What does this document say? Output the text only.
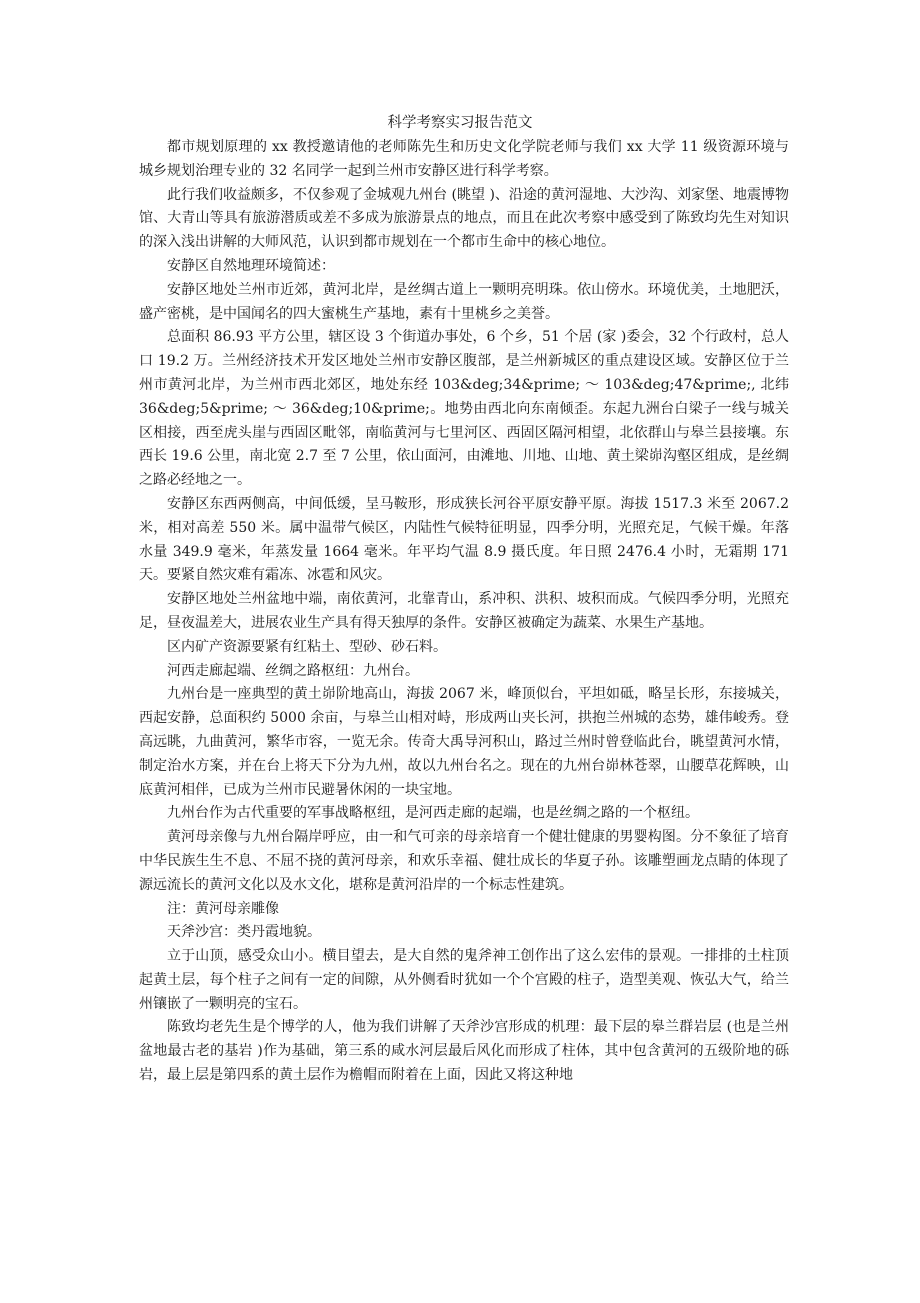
科学考察实习报告范文

都市规划原理的 xx 教授邀请他的老师陈先生和历史文化学院老师与我们 xx 大学 11 级资源环境与城乡规划治理专业的 32 名同学一起到兰州市安静区进行科学考察。

此行我们收益颇多，不仅参观了金城观九州台 (眺望 )、沿途的黄河湿地、大沙沟、刘家堡、地震博物馆、大青山等具有旅游潜质或差不多成为旅游景点的地点，而且在此次考察中感受到了陈致均先生对知识的深入浅出讲解的大师风范，认识到都市规划在一个都市生命中的核心地位。

安静区自然地理环境简述：

安静区地处兰州市近郊，黄河北岸，是丝绸古道上一颗明亮明珠。依山傍水。环境优美，土地肥沃，盛产密桃，是中国闻名的四大蜜桃生产基地，素有十里桃乡之美誉。

总面积 86.93 平方公里，辖区设 3 个街道办事处，6 个乡，51 个居 (家 )委会，32 个行政村，总人口 19.2 万。兰州经济技术开发区地处兰州市安静区腹部，是兰州新城区的重点建设区域。安静区位于兰州市黄河北岸，为兰州市西北郊区，地处东经 103&deg;34&prime; ～ 103&deg;47&prime;, 北纬 36&deg;5&prime; ～ 36&deg;10&prime;。地势由西北向东南倾歪。东起九洲台白梁子一线与城关区相接，西至虎头崖与西固区毗邻，南临黄河与七里河区、西固区隔河相望，北依群山与皋兰县接壤。东西长 19.6 公里，南北宽 2.7 至 7 公里，依山面河，由滩地、川地、山地、黄土梁峁沟壑区组成，是丝绸之路必经地之一。

安静区东西两侧高，中间低缓，呈马鞍形，形成狭长河谷平原安静平原。海拔 1517.3 米至 2067.2 米，相对高差 550 米。属中温带气候区，内陆性气候特征明显，四季分明，光照充足，气候干燥。年落水量 349.9 毫米，年蒸发量 1664 毫米。年平均气温 8.9 摄氏度。年日照 2476.4 小时，无霜期 171 天。要紧自然灾难有霜冻、冰雹和风灾。

安静区地处兰州盆地中端，南依黄河，北靠青山，系冲积、洪积、坡积而成。气候四季分明，光照充足，昼夜温差大，进展农业生产具有得天独厚的条件。安静区被确定为蔬菜、水果生产基地。

区内矿产资源要紧有红粘土、型砂、砂石料。

河西走廊起端、丝绸之路枢纽：九州台。

九州台是一座典型的黄土峁阶地高山，海拔 2067 米，峰顶似台，平坦如砥，略呈长形，东接城关，西起安静，总面积约 5000 余亩，与皋兰山相对峙，形成两山夹长河，拱抱兰州城的态势，雄伟峻秀。登高远眺，九曲黄河，繁华市容，一览无余。传奇大禹导河积山，路过兰州时曾登临此台，眺望黄河水情，制定治水方案，并在台上将天下分为九州，故以九州台名之。现在的九州台峁林苍翠，山腰草花辉映，山底黄河相伴，已成为兰州市民避暑休闲的一块宝地。

九州台作为古代重要的军事战略枢纽，是河西走廊的起端，也是丝绸之路的一个枢纽。

黄河母亲像与九州台隔岸呼应，由一和气可亲的母亲培育一个健壮健康的男婴构图。分不象征了培育中华民族生生不息、不屈不挠的黄河母亲，和欢乐幸福、健壮成长的华夏子孙。该雕塑画龙点睛的体现了源远流长的黄河文化以及水文化，堪称是黄河沿岸的一个标志性建筑。

注：黄河母亲雕像

天斧沙宫：类丹霞地貌。

立于山顶，感受众山小。横目望去，是大自然的鬼斧神工创作出了这么宏伟的景观。一排排的土柱顶起黄土层，每个柱子之间有一定的间隙，从外侧看时犹如一个个宫殿的柱子，造型美观、恢弘大气，给兰州镶嵌了一颗明亮的宝石。

陈致均老先生是个博学的人，他为我们讲解了天斧沙宫形成的机理：最下层的皋兰群岩层 (也是兰州盆地最古老的基岩 )作为基础，第三系的咸水河层最后风化而形成了柱体，其中包含黄河的五级阶地的砾岩，最上层是第四系的黄土层作为檐帽而附着在上面，因此又将这种地
